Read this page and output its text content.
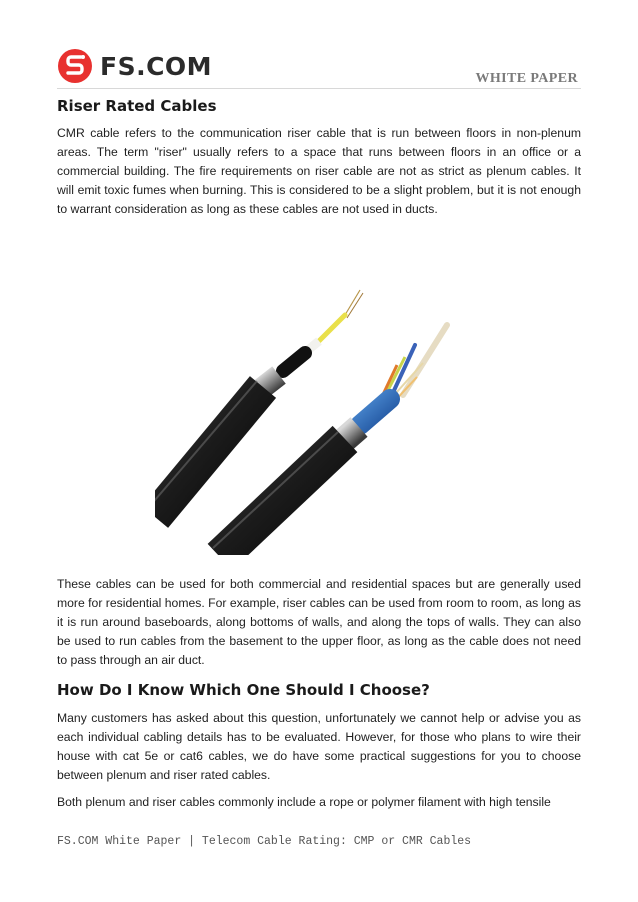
FS.COM	WHITE PAPER
Riser Rated Cables

CMR cable refers to the communication riser cable that is run between floors in non-plenum areas. The term "riser" usually refers to a space that runs between floors in an office or a commercial building. The fire requirements on riser cable are not as strict as plenum cables. It will emit toxic fumes when burning. This is considered to be a slight problem, but it is not enough to warrant consideration as long as these cables are not used in ducts.

These cables can be used for both commercial and residential spaces but are generally used more for residential homes. For example, riser cables can be used from room to room, as long as it is run around baseboards, along bottoms of walls, and along the tops of walls. They can also be used to run cables from the basement to the upper floor, as long as the cable does not need to pass through an air duct.

How Do I Know Which One Should I Choose?

Many customers has asked about this question, unfortunately we cannot help or advise you as each individual cabling details has to be evaluated. However, for those who plans to wire their house with cat 5e or cat6 cables, we do have some practical suggestions for you to choose between plenum and riser rated cables.

Both plenum and riser cables commonly include a rope or polymer filament with high tensile

FS.COM White Paper | Telecom Cable Rating: CMP or CMR Cables
